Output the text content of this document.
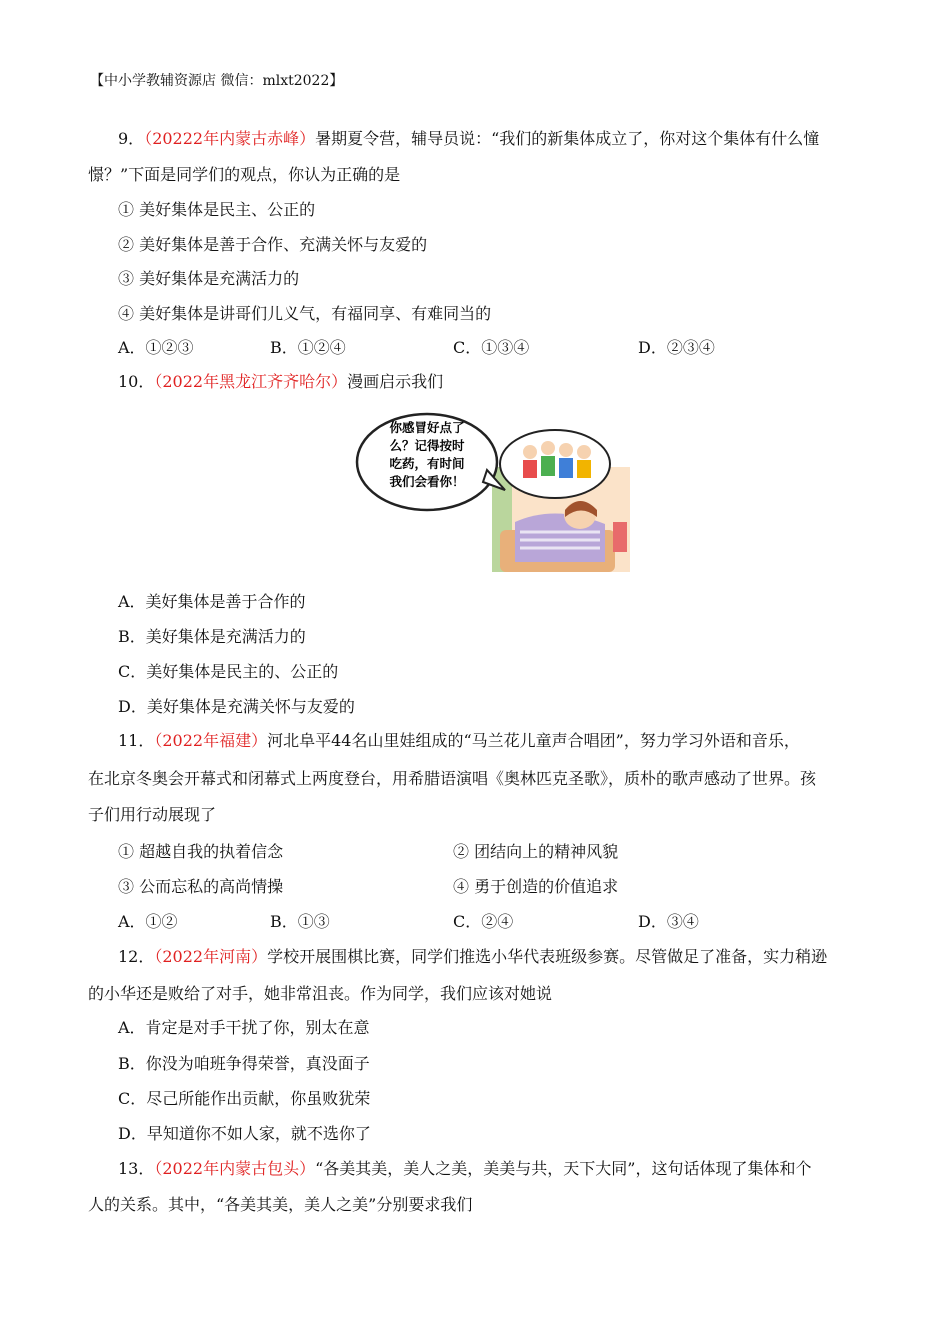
【中小学教辅资源店 微信：mlxt2022】
9．（20222年内蒙古赤峰）暑期夏令营，辅导员说：“我们的新集体成立了，你对这个集体有什么憧
憬？”下面是同学们的观点，你认为正确的是
① 美好集体是民主、公正的
② 美好集体是善于合作、充满关怀与友爱的
③ 美好集体是充满活力的
④ 美好集体是讲哥们儿义气，有福同享、有难同当的
A．①②③	B．①②④	C．①③④	D．②③④
10．（2022年黑龙江齐齐哈尔）漫画启示我们
你感冒好点了
么？记得按时
吃药，有时间
我们会看你！
A．美好集体是善于合作的
B．美好集体是充满活力的
C．美好集体是民主的、公正的
D．美好集体是充满关怀与友爱的
11．（2022年福建）河北阜平44名山里娃组成的“马兰花儿童声合唱团”，努力学习外语和音乐，
在北京冬奥会开幕式和闭幕式上两度登台，用希腊语演唱《奥林匹克圣歌》，质朴的歌声感动了世界。孩
子们用行动展现了
① 超越自我的执着信念	② 团结向上的精神风貌
③ 公而忘私的高尚情操	④ 勇于创造的价值追求
A．①②	B．①③	C．②④	D．③④
12．（2022年河南）学校开展围棋比赛，同学们推选小华代表班级参赛。尽管做足了准备，实力稍逊
的小华还是败给了对手，她非常沮丧。作为同学，我们应该对她说
A．肯定是对手干扰了你，别太在意
B．你没为咱班争得荣誉，真没面子
C．尽己所能作出贡献，你虽败犹荣
D．早知道你不如人家，就不选你了
13．（2022年内蒙古包头）“各美其美，美人之美，美美与共，天下大同”，这句话体现了集体和个
人的关系。其中，“各美其美，美人之美”分别要求我们
